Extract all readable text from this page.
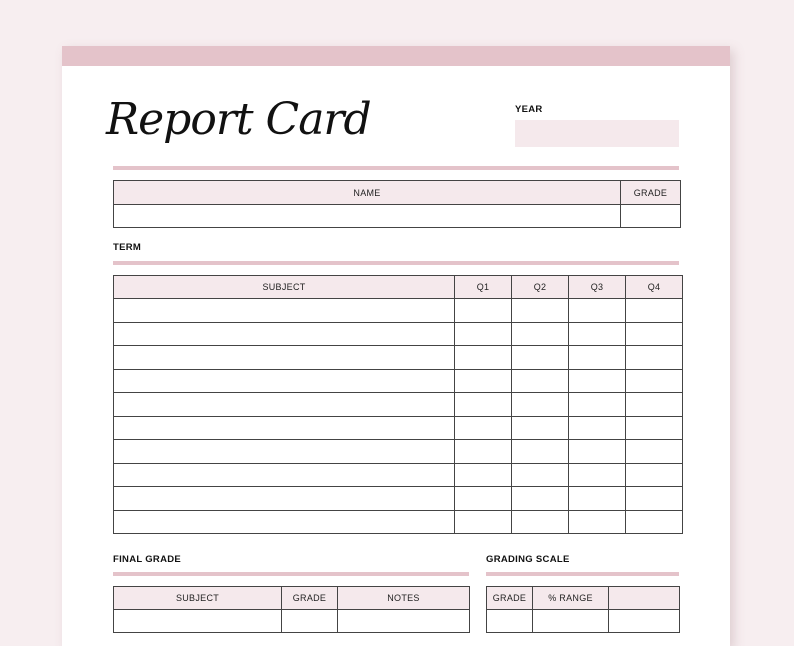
Report Card	YEAR
NAME	GRADE

TERM
SUBJECT	Q1	Q2	Q3	Q4

FINAL GRADE
SUBJECT	GRADE	NOTES

GRADING SCALE
GRADE	% RANGE	
